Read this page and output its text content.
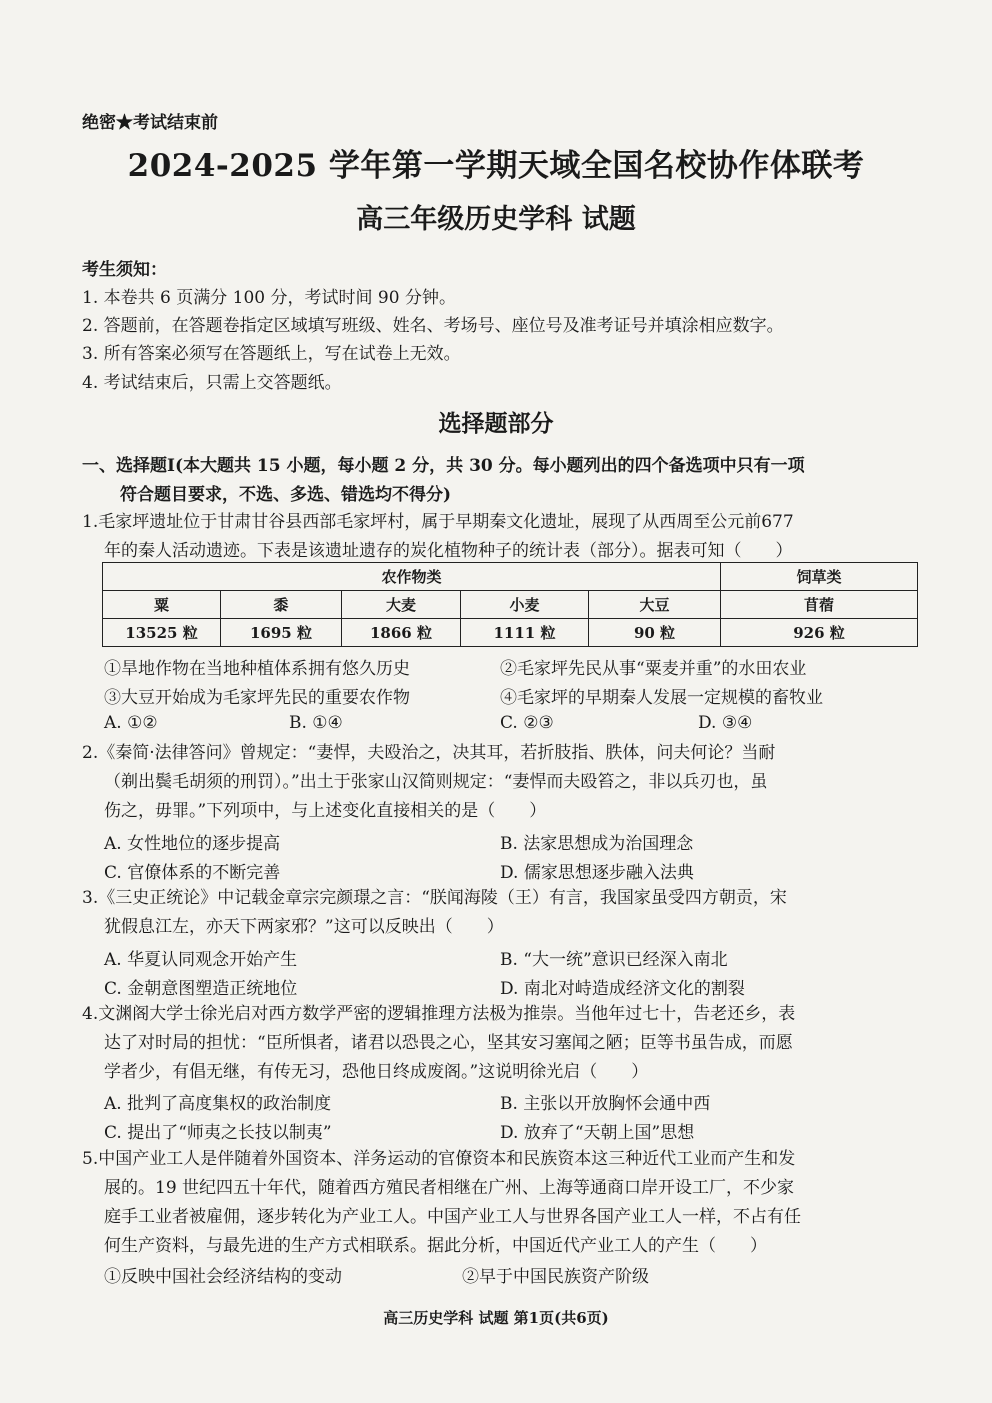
绝密★考试结束前
2024-2025 学年第一学期天域全国名校协作体联考
高三年级历史学科 试题
考生须知：
1. 本卷共 6 页满分 100 分，考试时间 90 分钟。
2. 答题前，在答题卷指定区域填写班级、姓名、考场号、座位号及准考证号并填涂相应数字。
3. 所有答案必须写在答题纸上，写在试卷上无效。
4. 考试结束后，只需上交答题纸。
选择题部分
一、选择题Ⅰ(本大题共 15 小题，每小题 2 分，共 30 分。每小题列出的四个备选项中只有一项
符合题目要求，不选、多选、错选均不得分)
1.毛家坪遗址位于甘肃甘谷县西部毛家坪村，属于早期秦文化遗址，展现了从西周至公元前677
年的秦人活动遗迹。下表是该遗址遗存的炭化植物种子的统计表（部分）。据表可知（　　）
农作物类					饲草类
粟	黍	大麦	小麦	大豆	苜蓿
13525 粒	1695 粒	1866 粒	1111 粒	90 粒	926 粒
①旱地作物在当地种植体系拥有悠久历史	②毛家坪先民从事“粟麦并重”的水田农业
③大豆开始成为毛家坪先民的重要农作物	④毛家坪的早期秦人发展一定规模的畜牧业
A. ①②	B. ①④	C. ②③	D. ③④
2.《秦简·法律答问》曾规定：“妻悍，夫殴治之，决其耳，若折肢指、胅体，问夫何论？当耐
（剃出鬓毛胡须的刑罚）。”出土于张家山汉简则规定：“妻悍而夫殴笞之，非以兵刃也，虽
伤之，毋罪。”下列项中，与上述变化直接相关的是（　　）
A. 女性地位的逐步提高	B. 法家思想成为治国理念
C. 官僚体系的不断完善	D. 儒家思想逐步融入法典
3.《三史正统论》中记载金章宗完颜璟之言：“朕闻海陵（王）有言，我国家虽受四方朝贡，宋
犹假息江左，亦天下两家邪？”这可以反映出（　　）
A. 华夏认同观念开始产生	B. “大一统”意识已经深入南北
C. 金朝意图塑造正统地位	D. 南北对峙造成经济文化的割裂
4.文渊阁大学士徐光启对西方数学严密的逻辑推理方法极为推崇。当他年过七十，告老还乡，表
达了对时局的担忧：“臣所惧者，诸君以恐畏之心，坚其安习塞闻之陋；臣等书虽告成，而愿
学者少，有倡无继，有传无习，恐他日终成废阁。”这说明徐光启（　　）
A. 批判了高度集权的政治制度	B. 主张以开放胸怀会通中西
C. 提出了“师夷之长技以制夷”	D. 放弃了“天朝上国”思想
5.中国产业工人是伴随着外国资本、洋务运动的官僚资本和民族资本这三种近代工业而产生和发
展的。19 世纪四五十年代，随着西方殖民者相继在广州、上海等通商口岸开设工厂，不少家
庭手工业者被雇佣，逐步转化为产业工人。中国产业工人与世界各国产业工人一样，不占有任
何生产资料，与最先进的生产方式相联系。据此分析，中国近代产业工人的产生（　　）
①反映中国社会经济结构的变动	②早于中国民族资产阶级
高三历史学科 试题 第1页(共6页)
